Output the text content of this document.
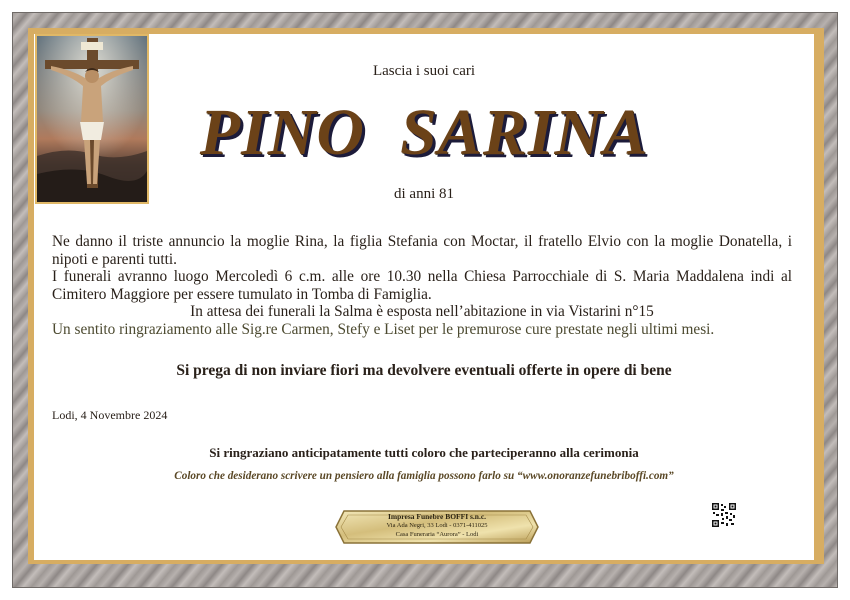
Lascia i suoi cari
PINO  SARINA
di anni 81

Ne danno il triste annuncio la moglie Rina, la figlia Stefania con Moctar, il fratello Elvio con la moglie Donatella, i nipoti e parenti tutti.

I funerali avranno luogo Mercoledì 6 c.m. alle ore 10.30 nella Chiesa Parrocchiale di S. Maria Maddalena indi al Cimitero Maggiore per essere tumulato in Tomba di Famiglia.

In attesa dei funerali la Salma è esposta nell’abitazione in via Vistarini n°15

Un sentito ringraziamento alle Sig.re Carmen, Stefy e Liset per le premurose cure prestate negli ultimi mesi.

Si prega di non inviare fiori ma devolvere eventuali offerte in opere di bene
Lodi, 4 Novembre 2024
Si ringraziano anticipatamente tutti coloro che parteciperanno alla cerimonia
Coloro che desiderano scrivere un pensiero alla famiglia possono farlo su “www.onoranzefunebriboffi.com”
Impresa Funebre BOFFI s.n.c.
Via Ada Negri, 33 Lodi - 0371-411025
Casa Funeraria “Aurora” - Lodi
